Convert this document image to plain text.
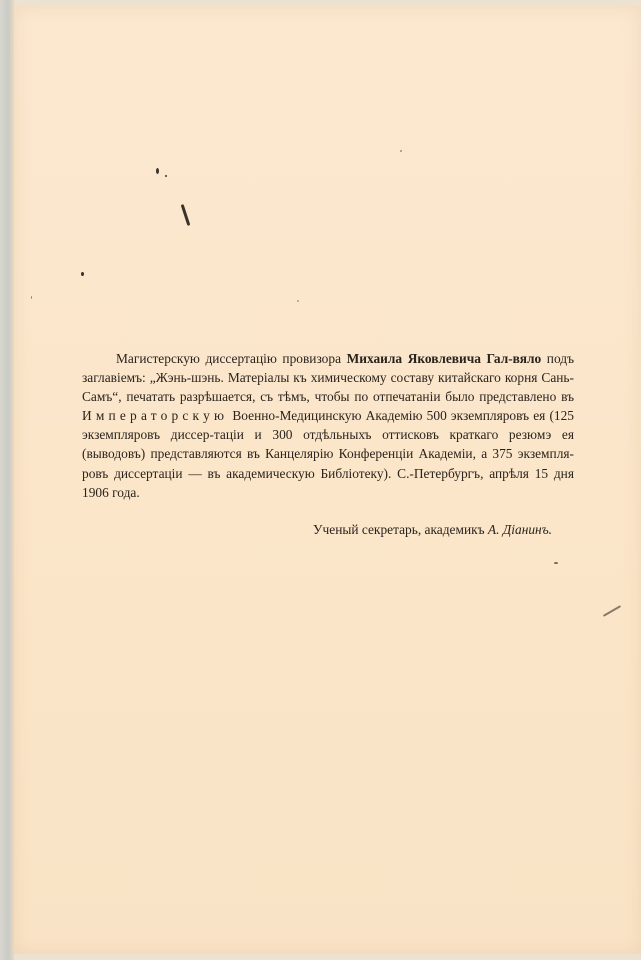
Магистерскую диссертацію провизора Михаила Яковлевича Гал-вяло подъ заглавіемъ: „Жэнь-шэнь. Матеріалы къ химическому составу китайскаго корня Сань-Самъ“, печатать разрѣшается, съ тѣмъ, чтобы по отпечатаніи было представлено въ Императорскую Военно-Медицинскую Академію 500 экземпляровъ ея (125 экземпляровъ диссер-таціи и 300 отдѣльныхъ оттисковъ краткаго резюмэ ея (выводовъ) представляются въ Канцелярію Конференціи Академіи, а 375 экземпля-ровъ диссертаціи — въ академическую Библіотеку). С.-Петербургъ, апрѣля 15 дня 1906 года.

Ученый секретарь, академикъ А. Діанинъ.
